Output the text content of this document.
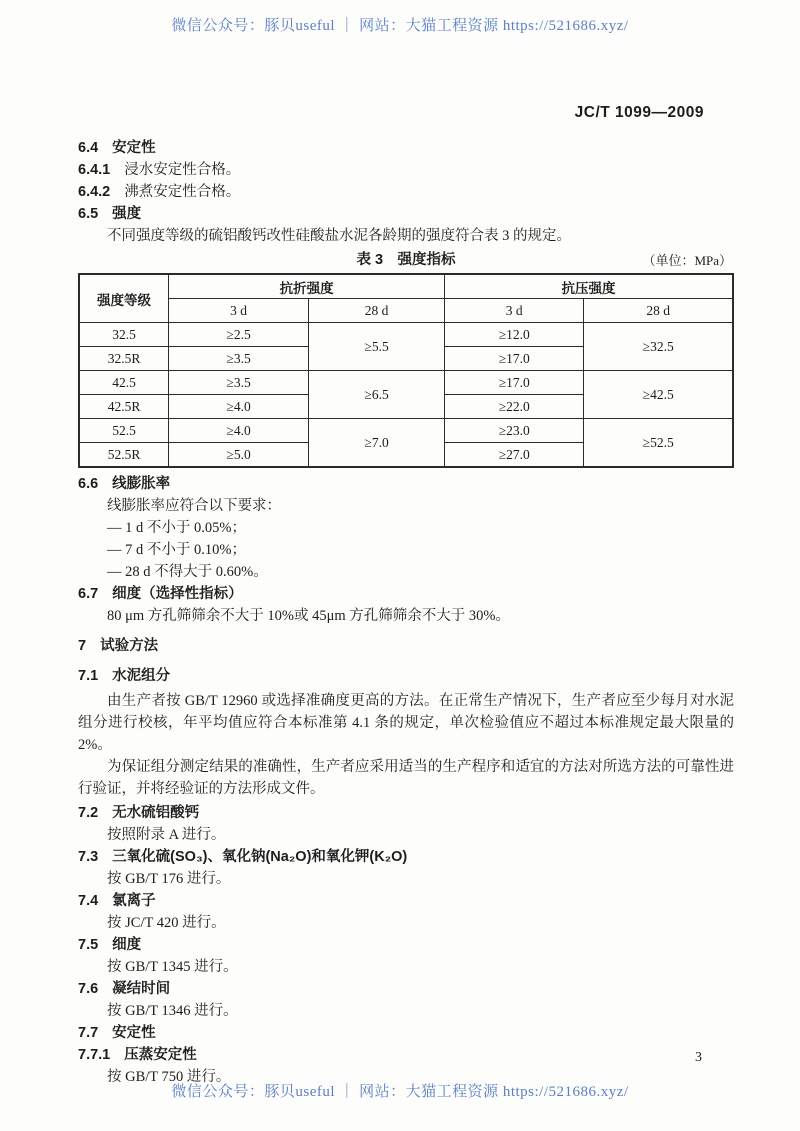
微信公众号：豚贝useful ｜ 网站：大猫工程资源 https://521686.xyz/
JC/T 1099—2009
6.4 安定性
6.4.1 浸水安定性合格。
6.4.2 沸煮安定性合格。
6.5 强度
不同强度等级的硫铝酸钙改性硅酸盐水泥各龄期的强度符合表 3 的规定。
表 3　强度指标	（单位：MPa）
强度等级	抗折强度		抗压强度	
	3 d	28 d	3 d	28 d
32.5	≥2.5	≥5.5	≥12.0	≥32.5
32.5R	≥3.5		≥17.0	
42.5	≥3.5	≥6.5	≥17.0	≥42.5
42.5R	≥4.0		≥22.0	
52.5	≥4.0	≥7.0	≥23.0	≥52.5
52.5R	≥5.0		≥27.0	
6.6 线膨胀率
线膨胀率应符合以下要求：
— 1 d 不小于 0.05%；
— 7 d 不小于 0.10%；
— 28 d 不得大于 0.60%。
6.7 细度（选择性指标）
80 μm 方孔筛筛余不大于 10%或 45μm 方孔筛筛余不大于 30%。
7 试验方法
7.1 水泥组分
由生产者按 GB/T 12960 或选择准确度更高的方法。在正常生产情况下，生产者应至少每月对水泥组分进行校核，年平均值应符合本标准第 4.1 条的规定，单次检验值应不超过本标准规定最大限量的 2%。
为保证组分测定结果的准确性，生产者应采用适当的生产程序和适宜的方法对所选方法的可靠性进行验证，并将经验证的方法形成文件。
7.2 无水硫铝酸钙
按照附录 A 进行。
7.3 三氧化硫(SO₃)、氧化钠(Na₂O)和氧化钾(K₂O)
按 GB/T 176 进行。
7.4 氯离子
按 JC/T 420 进行。
7.5 细度
按 GB/T 1345 进行。
7.6 凝结时间
按 GB/T 1346 进行。
7.7 安定性
7.7.1 压蒸安定性
按 GB/T 750 进行。
3
微信公众号：豚贝useful ｜ 网站：大猫工程资源 https://521686.xyz/
